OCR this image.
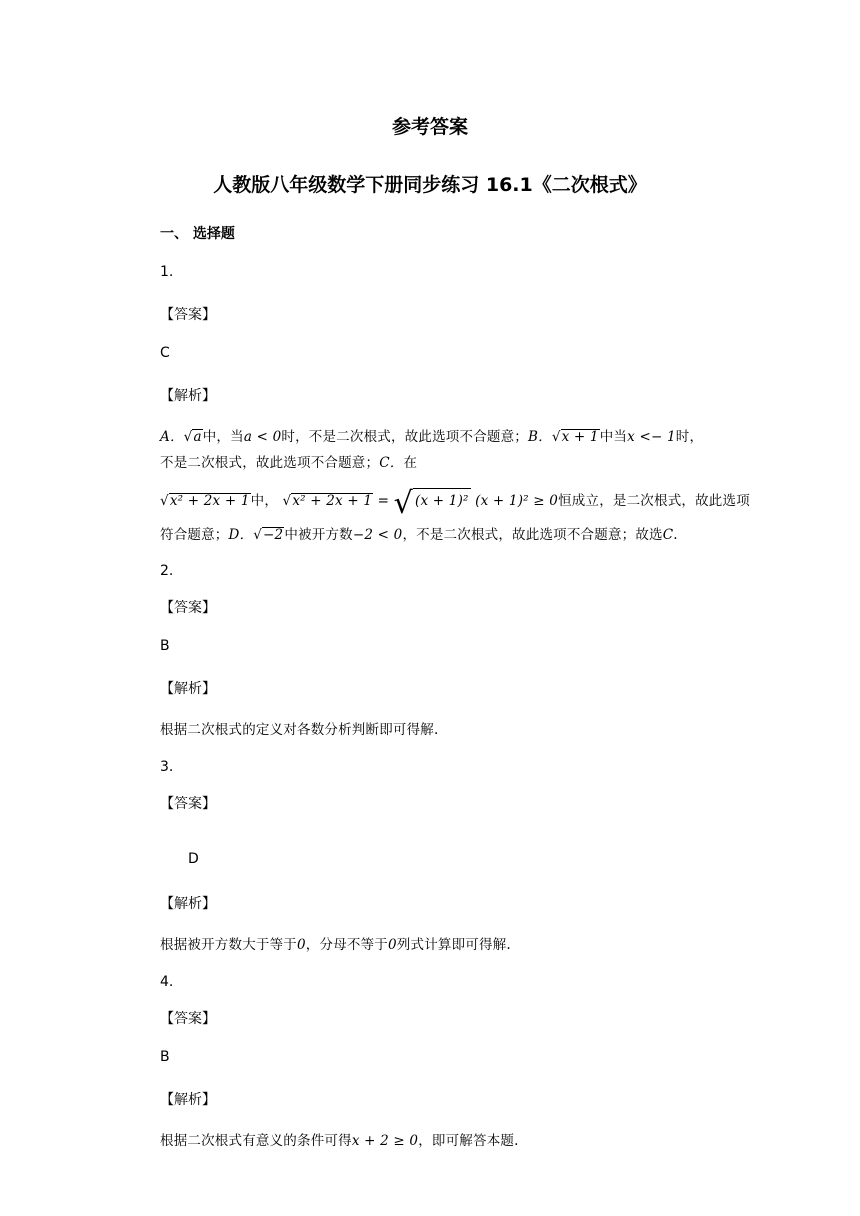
参考答案
人教版八年级数学下册同步练习 16.1《二次根式》
一、 选择题
1.
【答案】
C
【解析】
A．√a中，当a < 0时，不是二次根式，故此选项不合题意；B．√x + 1中当x <− 1时，
不是二次根式，故此选项不合题意；C．在
√x² + 2x + 1中， √x² + 2x + 1 = √ (x + 1)² (x + 1)² ≥ 0恒成立，是二次根式，故此选项
符合题意；D．√−2中被开方数−2 < 0，不是二次根式，故此选项不合题意；故选C.
2.
【答案】
B
【解析】
根据二次根式的定义对各数分析判断即可得解.
3.
【答案】
D
【解析】
根据被开方数大于等于0，分母不等于0列式计算即可得解.
4.
【答案】
B
【解析】
根据二次根式有意义的条件可得x + 2 ≥ 0，即可解答本题.
